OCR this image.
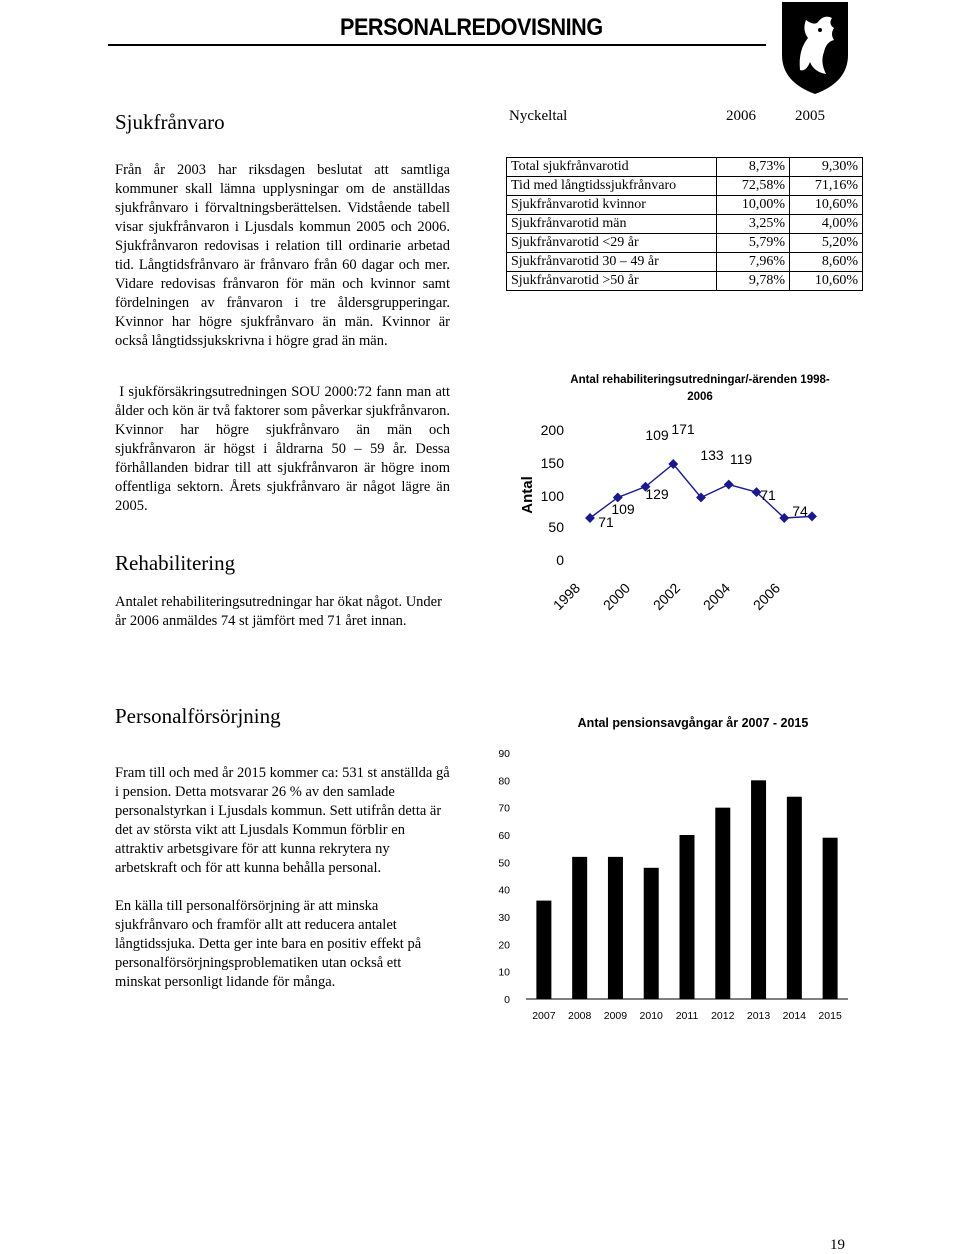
PERSONALREDOVISNING
Sjukfrånvaro

Från år 2003 har riksdagen beslutat att samtliga kommuner skall lämna upplysningar om de anställdas sjukfrånvaro i förvaltningsberättelsen. Vidstående tabell visar sjukfrånvaron i Ljusdals kommun 2005 och 2006. Sjukfrånvaron redovisas i relation till ordinarie arbetad tid. Långtidsfrånvaro är frånvaro från 60 dagar och mer. Vidare redovisas frånvaron för män och kvinnor samt fördelningen av frånvaron i tre åldersgrupperingar. Kvinnor har högre sjukfrånvaro än män. Kvinnor är också långtidssjukskrivna i högre grad än män.

I sjukförsäkringsutredningen SOU 2000:72 fann man att ålder och kön är två faktorer som påverkar sjukfrånvaron. Kvinnor har högre sjukfrånvaro än män och sjukfrånvaron är högst i åldrarna 50 – 59 år. Dessa förhållanden bidrar till att sjukfrånvaron är högre inom offentliga sektorn. Årets sjukfrånvaro är något lägre än 2005.

Rehabilitering

Antalet rehabiliteringsutredningar har ökat något. Under år 2006 anmäldes 74 st jämfört med 71 året innan.

Personalförsörjning

Fram till och med år 2015 kommer ca: 531 st anställda gå i pension. Detta motsvarar 26 % av den samlade personalstyrkan i Ljusdals kommun. Sett utifrån detta är det av största vikt att Ljusdals Kommun förblir en attraktiv arbetsgivare för att kunna rekrytera ny arbetskraft och för att kunna behålla personal.

En källa till personalförsörjning är att minska sjukfrånvaro och framför allt att reducera antalet långtidssjuka. Detta ger inte bara en positiv effekt på personalförsörjningsproblematiken utan också ett minskat personligt lidande för många.

Nyckeltal	2006	2005
Total sjukfrånvarotid	8,73%	9,30%
Tid med långtidssjukfrånvaro	72,58%	71,16%
Sjukfrånvarotid kvinnor	10,00%	10,60%
Sjukfrånvarotid män	3,25%	4,00%
Sjukfrånvarotid <29 år	5,79%	5,20%
Sjukfrånvarotid 30 – 49 år	7,96%	8,60%
Sjukfrånvarotid >50 år	9,78%	10,60%
Antal rehabiliteringsutredningar/-ärenden 1998-
2006
200
150
100
50
0
Antal
71
109
129
109 171
133 119
71
74
1998 2000 2002 2004 2006
Antal pensionsavgångar år 2007 - 2015
90
80
70
60
50
40
30
20
10
0
2007 2008 2009 2010 2011 2012 2013 2014 2015
19
